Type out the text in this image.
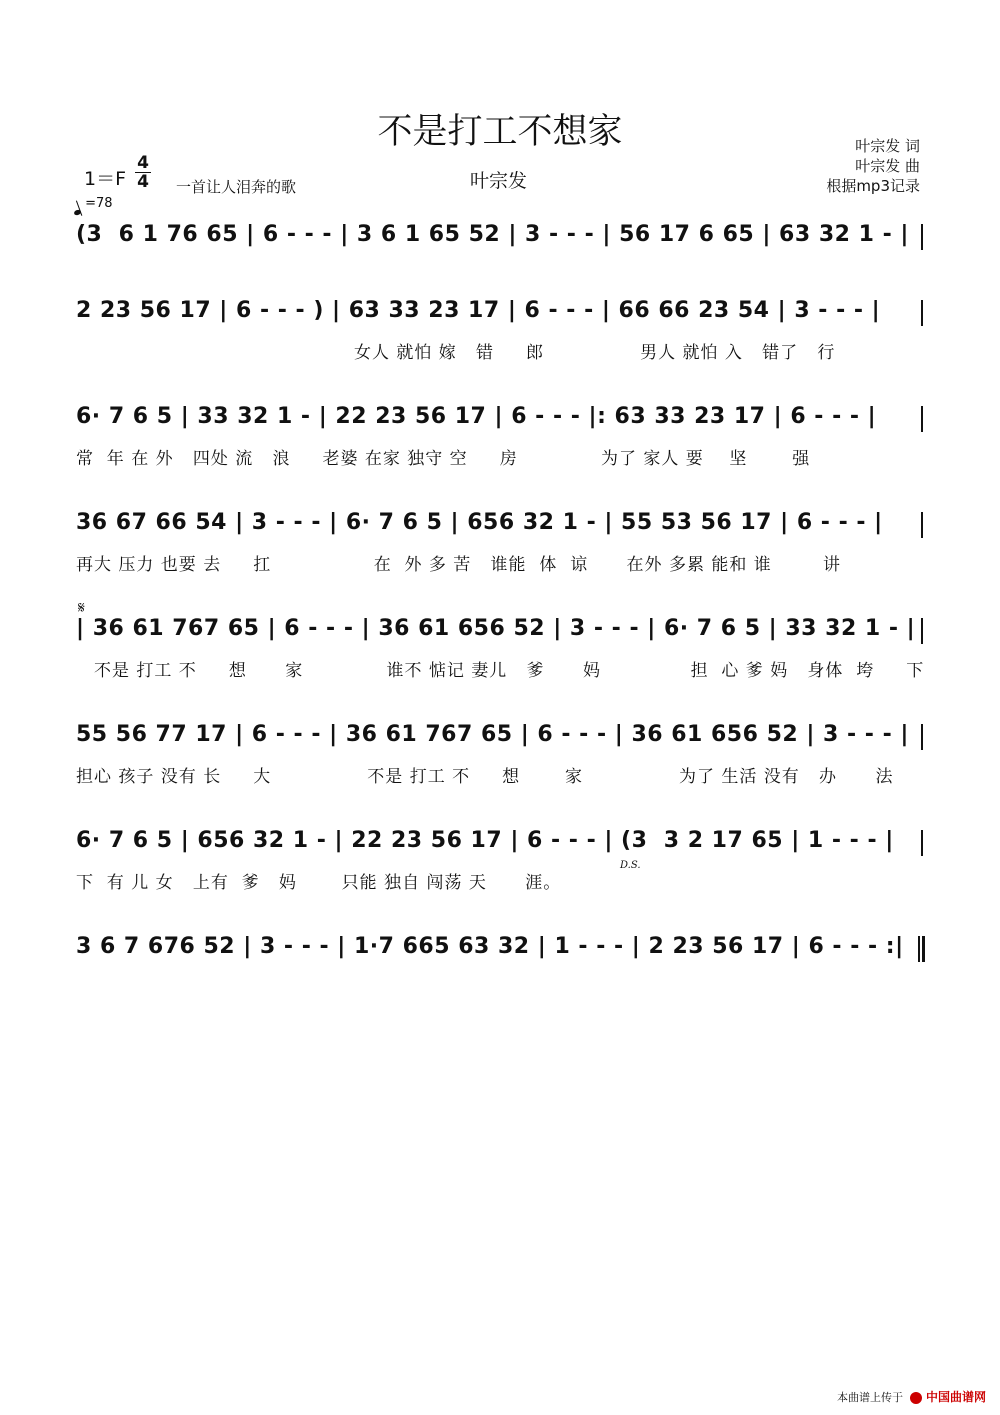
不是打工不想家
叶宗发
叶宗发 词
叶宗发 曲
根据mp3记录
1＝F
4
4 一首让人泪奔的歌
=78
(3  6 1 76 65 | 6 - - - | 3 6 1 65 52 | 3 - - - | 56 17 6 65 | 63 32 1 - |
2 23 56 17 | 6 - - - ) | 63 33 23 17 | 6 - - - | 66 66 23 54 | 3 - - - |
女人 就怕 嫁   错     郎               男人 就怕 入   错了   行
6· 7 6 5 | 33 32 1 - | 22 23 56 17 | 6 - - - |: 63 33 23 17 | 6 - - - |
常  年 在 外   四处 流   浪     老婆 在家 独守 空     房             为了 家人 要    坚       强
36 67 66 54 | 3 - - - | 6· 7 6 5 | 656 32 1 - | 55 53 56 17 | 6 - - - |
再大 压力 也要 去     扛                在  外 多 苦   谁能  体  谅      在外 多累 能和 谁        讲
| 36 61 767 65 | 6 - - - | 36 61 656 52 | 3 - - - | 6· 7 6 5 | 33 32 1 - |
不是 打工 不     想      家             谁不 惦记 妻儿   爹      妈              担  心 爹 妈   身体  垮     下
55 56 77 17 | 6 - - - | 36 61 767 65 | 6 - - - | 36 61 656 52 | 3 - - - |
担心 孩子 没有 长     大               不是 打工 不     想       家               为了 生活 没有   办      法
6· 7 6 5 | 656 32 1 - | 22 23 56 17 | 6 - - - | (3  3 2 17 65 | 1 - - - |
下  有 儿 女   上有  爹   妈       只能 独自 闯荡 天      涯。
3 6 7 676 52 | 3 - - - | 1·7 665 63 32 | 1 - - - | 2 23 56 17 | 6 - - - :|
𝄋
D.S.
本曲谱上传于 中国曲谱网
